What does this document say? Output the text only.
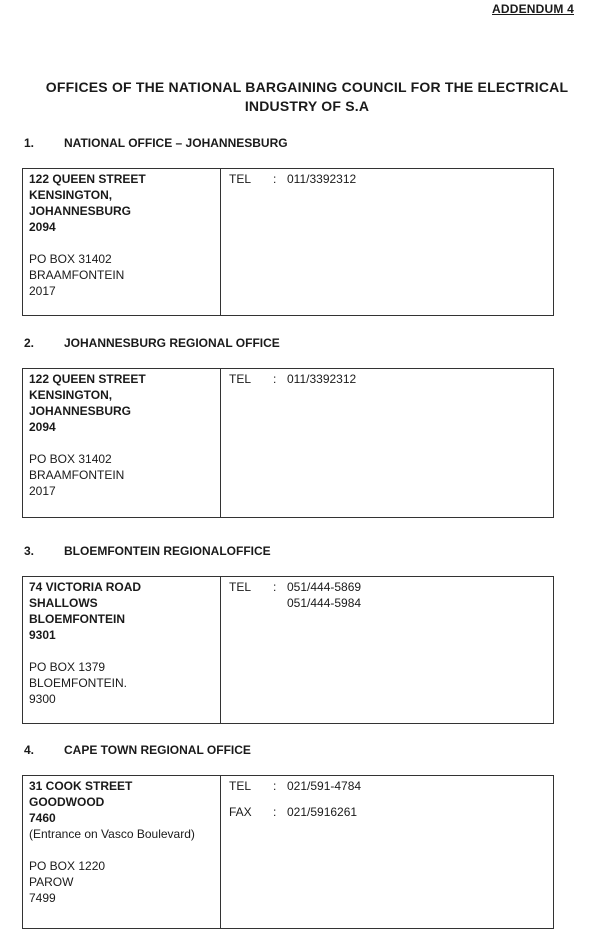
ADDENDUM 4
OFFICES OF THE NATIONAL BARGAINING COUNCIL FOR THE ELECTRICAL
INDUSTRY OF S.A
1. NATIONAL OFFICE – JOHANNESBURG
122 QUEEN STREET
KENSINGTON,
JOHANNESBURG
2094
PO BOX 31402
BRAAMFONTEIN
2017
TEL	: 011/3392312
2. JOHANNESBURG REGIONAL OFFICE
122 QUEEN STREET
KENSINGTON,
JOHANNESBURG
2094
PO BOX 31402
BRAAMFONTEIN
2017
TEL	: 011/3392312
3. BLOEMFONTEIN REGIONALOFFICE
74 VICTORIA ROAD
SHALLOWS
BLOEMFONTEIN
9301
PO BOX 1379
BLOEMFONTEIN.
9300
TEL	: 051/444-5869
051/444-5984
4. CAPE TOWN REGIONAL OFFICE
31 COOK STREET
GOODWOOD
7460
(Entrance on Vasco Boulevard)
PO BOX 1220
PAROW
7499
TEL	: 021/591-4784
FAX	: 021/5916261
